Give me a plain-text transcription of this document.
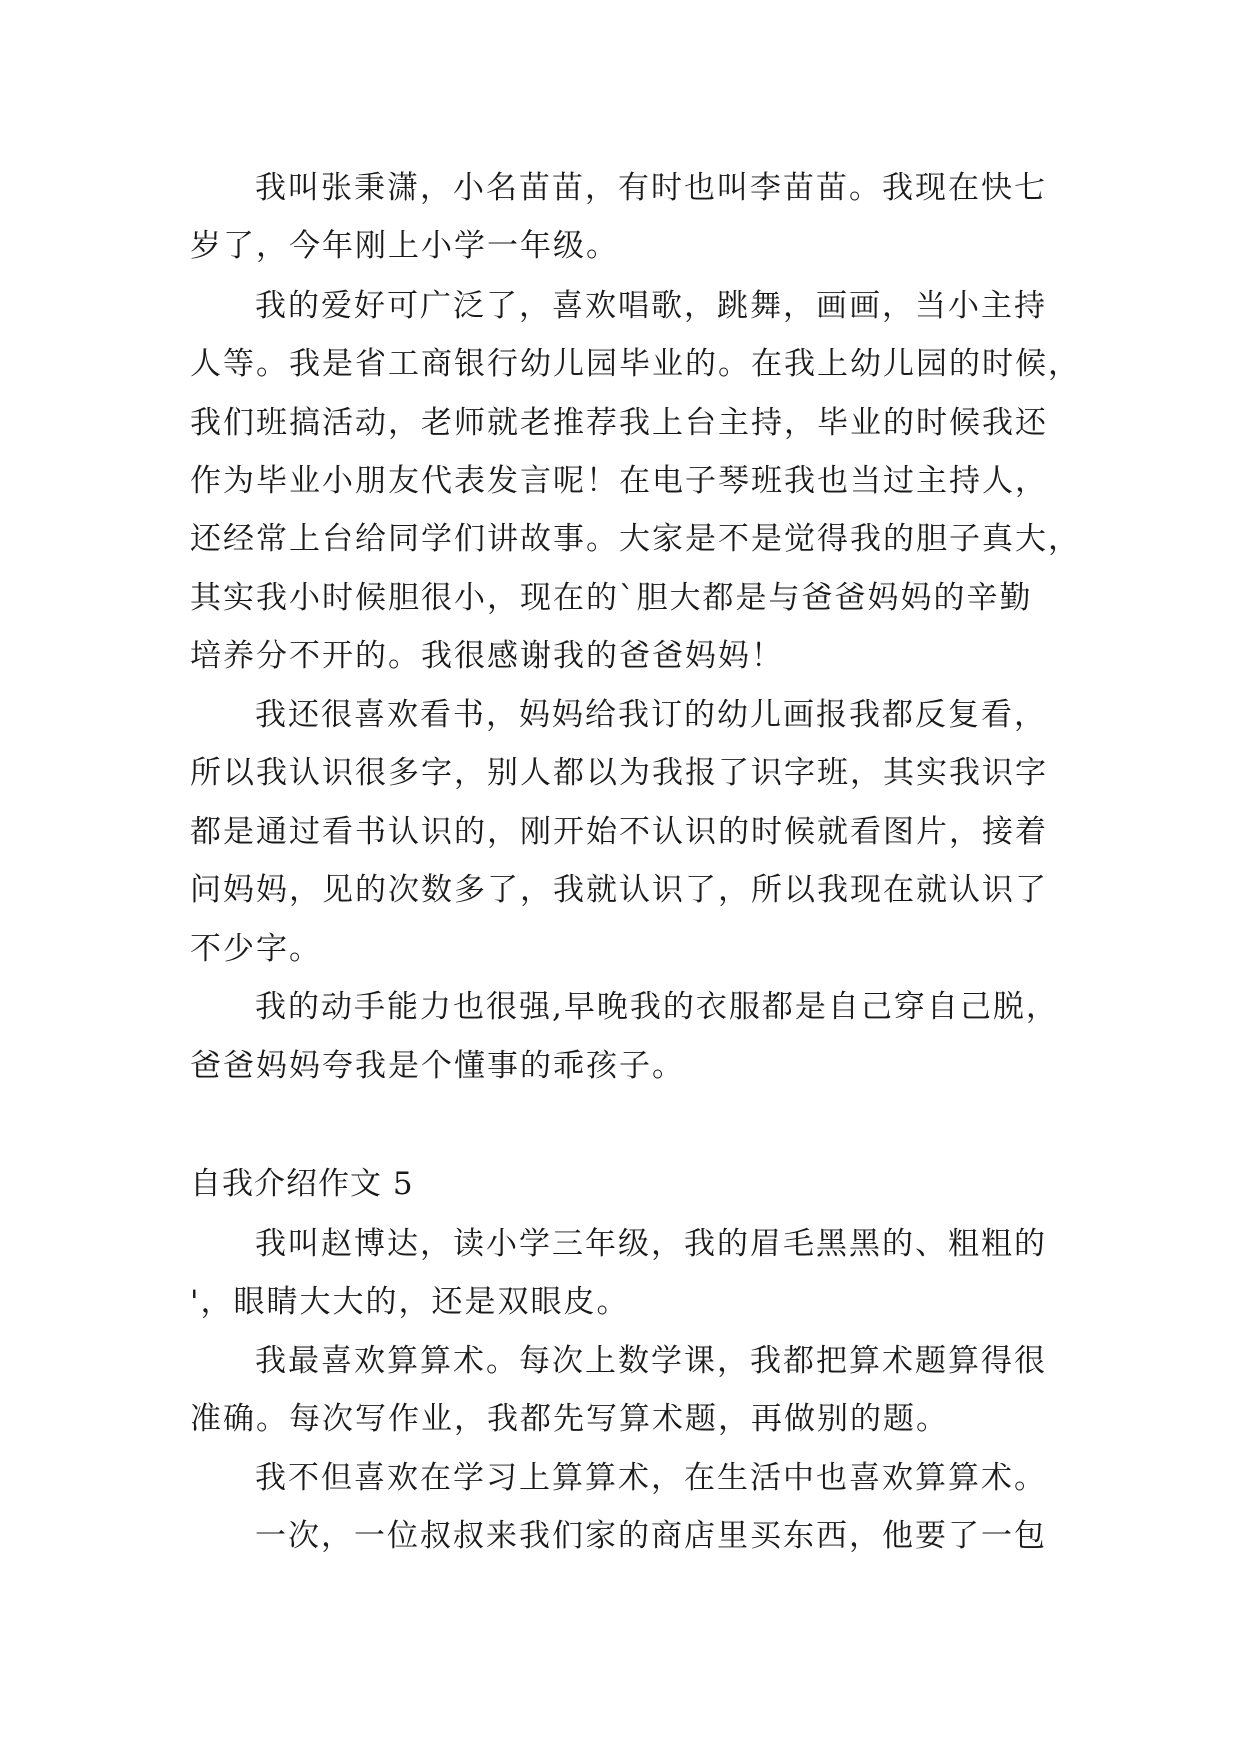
我叫张秉潇，小名苗苗，有时也叫李苗苗。我现在快七
岁了，今年刚上小学一年级。
我的爱好可广泛了，喜欢唱歌，跳舞，画画，当小主持
人等。我是省工商银行幼儿园毕业的。在我上幼儿园的时候，
我们班搞活动，老师就老推荐我上台主持，毕业的时候我还
作为毕业小朋友代表发言呢！在电子琴班我也当过主持人，
还经常上台给同学们讲故事。大家是不是觉得我的胆子真大，
其实我小时候胆很小，现在的`胆大都是与爸爸妈妈的辛勤
培养分不开的。我很感谢我的爸爸妈妈！
我还很喜欢看书，妈妈给我订的幼儿画报我都反复看，
所以我认识很多字，别人都以为我报了识字班，其实我识字
都是通过看书认识的，刚开始不认识的时候就看图片，接着
问妈妈，见的次数多了，我就认识了，所以我现在就认识了
不少字。
我的动手能力也很强,早晚我的衣服都是自己穿自己脱，
爸爸妈妈夸我是个懂事的乖孩子。
自我介绍作文 5
我叫赵博达，读小学三年级，我的眉毛黑黑的、粗粗的
'，眼睛大大的，还是双眼皮。
我最喜欢算算术。每次上数学课，我都把算术题算得很
准确。每次写作业，我都先写算术题，再做别的题。
我不但喜欢在学习上算算术，在生活中也喜欢算算术。
一次，一位叔叔来我们家的商店里买东西，他要了一包
